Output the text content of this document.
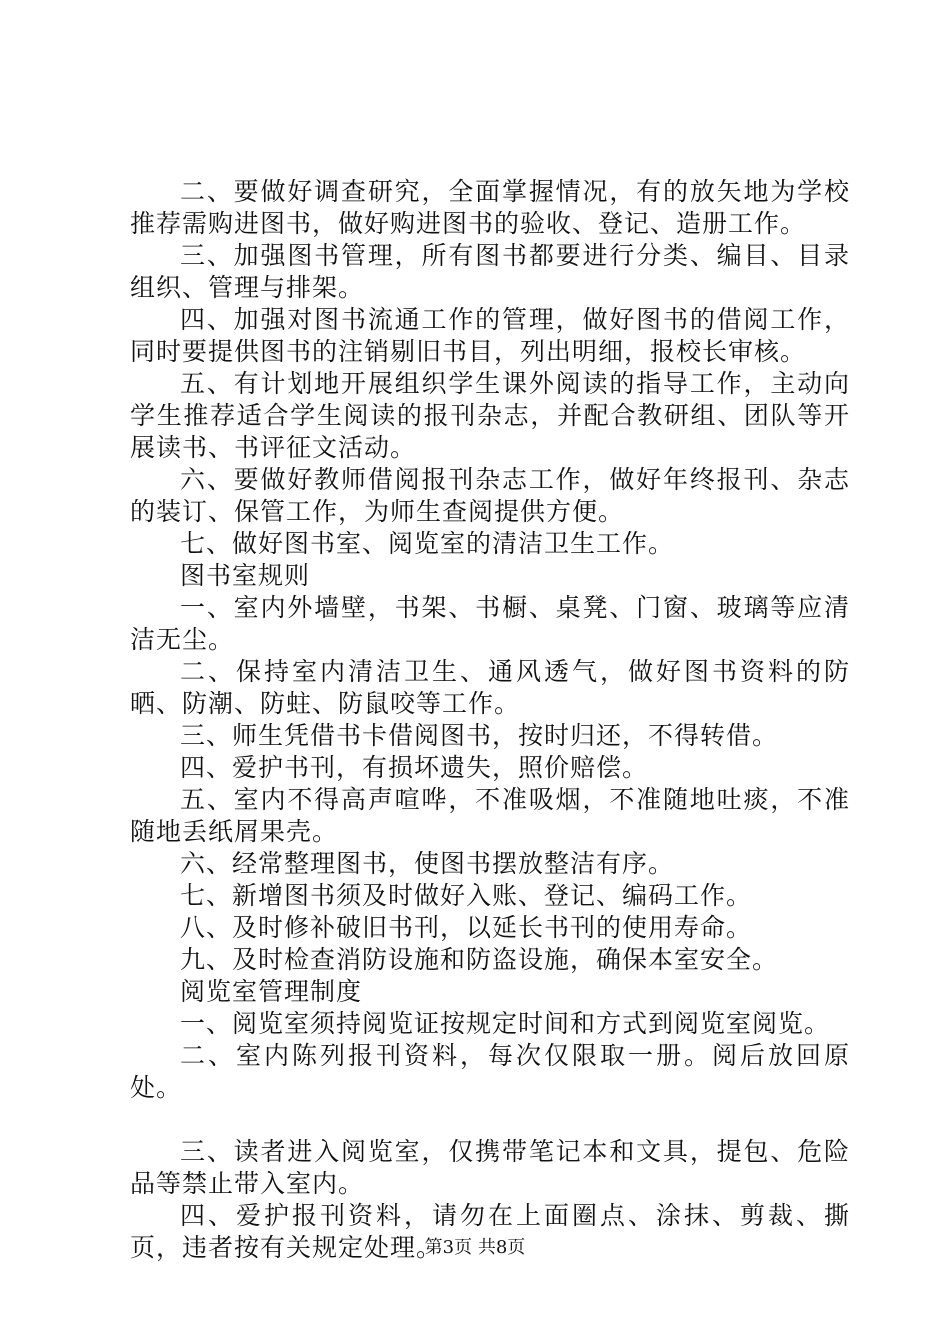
二、要做好调查研究，全面掌握情况，有的放矢地为学校推荐需购进图书，做好购进图书的验收、登记、造册工作。

三、加强图书管理，所有图书都要进行分类、编目、目录组织、管理与排架。

四、加强对图书流通工作的管理，做好图书的借阅工作，同时要提供图书的注销剔旧书目，列出明细，报校长审核。

五、有计划地开展组织学生课外阅读的指导工作，主动向学生推荐适合学生阅读的报刊杂志，并配合教研组、团队等开展读书、书评征文活动。

六、要做好教师借阅报刊杂志工作，做好年终报刊、杂志的装订、保管工作，为师生查阅提供方便。

七、做好图书室、阅览室的清洁卫生工作。

图书室规则

一、室内外墙壁，书架、书橱、桌凳、门窗、玻璃等应清洁无尘。

二、保持室内清洁卫生、通风透气，做好图书资料的防晒、防潮、防蛀、防鼠咬等工作。

三、师生凭借书卡借阅图书，按时归还，不得转借。

四、爱护书刊，有损坏遗失，照价赔偿。

五、室内不得高声喧哗，不准吸烟，不准随地吐痰，不准随地丢纸屑果壳。

六、经常整理图书，使图书摆放整洁有序。

七、新增图书须及时做好入账、登记、编码工作。

八、及时修补破旧书刊，以延长书刊的使用寿命。

九、及时检查消防设施和防盗设施，确保本室安全。

阅览室管理制度

一、阅览室须持阅览证按规定时间和方式到阅览室阅览。

二、室内陈列报刊资料，每次仅限取一册。阅后放回原处。

三、读者进入阅览室，仅携带笔记本和文具，提包、危险品等禁止带入室内。

四、爱护报刊资料，请勿在上面圈点、涂抹、剪裁、撕页，违者按有关规定处理。

第3页 共8页
